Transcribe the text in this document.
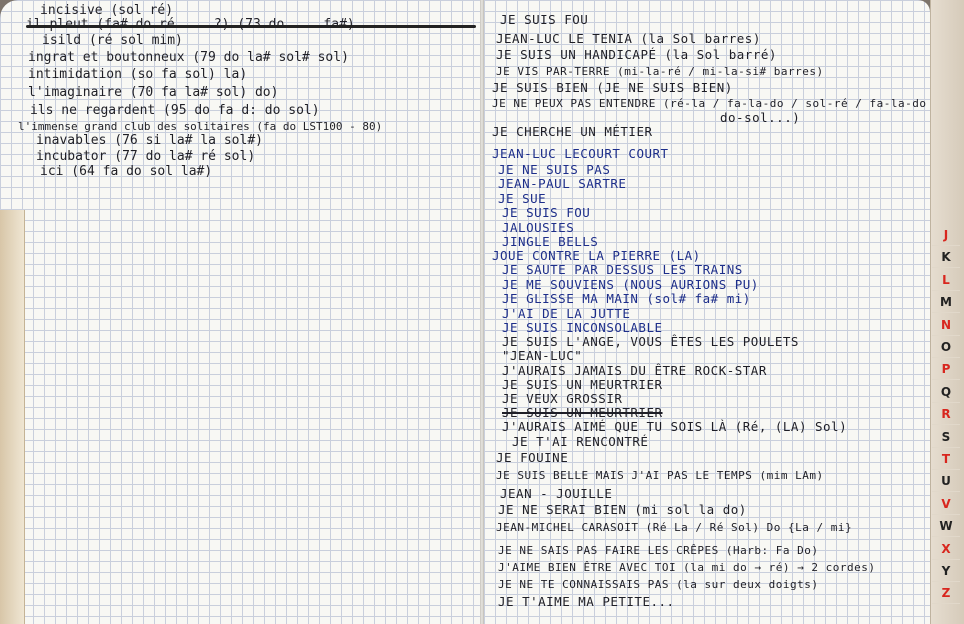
incisive (sol ré)
isild (ré sol mim)
ingrat et boutonneux (79 do la# sol# sol)
intimidation (so fa sol) la)
l'imaginaire (70 fa la# sol) do)
ils ne regardent (95 do fa d: do sol)
l'immense grand club des solitaires (fa do LST100 - 80)
inavables (76 si la# la sol#)
incubator (77 do la# ré sol)
ici (64 fa do sol la#)
JE SUIS FOU
JEAN-LUC LE TENIA (la Sol barres)
JE SUIS UN HANDICAPÉ (la Sol barré)
JE VIS PAR-TERRE (mi-la-ré / mi-la-si# barres)
JE SUIS BIEN (JE NE SUIS BIEN)
JE NE PEUX PAS ENTENDRE (ré-la / fa-la-do / sol-ré / fa-la-do
do-sol...)
JE CHERCHE UN MÉTIER
JEAN-LUC LECOURT COURT
JE NE SUIS PAS
JEAN-PAUL SARTRE
JE SUE
JE SUIS FOU
JALOUSIES
JINGLE BELLS
JOUE CONTRE LA PIERRE (LA)
JE SAUTE PAR DESSUS LES TRAINS
JE ME SOUVIENS (NOUS AURIONS PU)
JE GLISSE MA MAIN (sol# fa# mi)
J'AI DE LA JUTTE
JE SUIS INCONSOLABLE
JE SUIS L'ANGE, VOUS ÊTES LES POULETS
"JEAN-LUC"
J'AURAIS JAMAIS DU ÊTRE ROCK-STAR
JE SUIS UN MEURTRIER
JE VEUX GROSSIR
JE SUIS UN MEURTRIER
J'AURAIS AIMÉ QUE TU SOIS LÀ (Ré, (LA) Sol)
JE T'AI RENCONTRÉ
JE FOUINE
JE SUIS BELLE MAIS J'AI PAS LE TEMPS (mim LAm)
JEAN - JOUILLE
JE NE SERAI BIEN (mi sol la do)
JEAN-MICHEL CARASOIT (Ré La / Ré Sol) Do {La / mi}
JE NE SAIS PAS FAIRE LES CRÊPES (Harb: Fa Do)
J'AIME BIEN ÊTRE AVEC TOI (la mi do → ré) → 2 cordes)
JE NE TE CONNAISSAIS PAS (la sur deux doigts)
JE T'AIME MA PETITE...
J
K
L
M
N
O
P
Q
R
S
T
U
V
W
X
Y
Z
